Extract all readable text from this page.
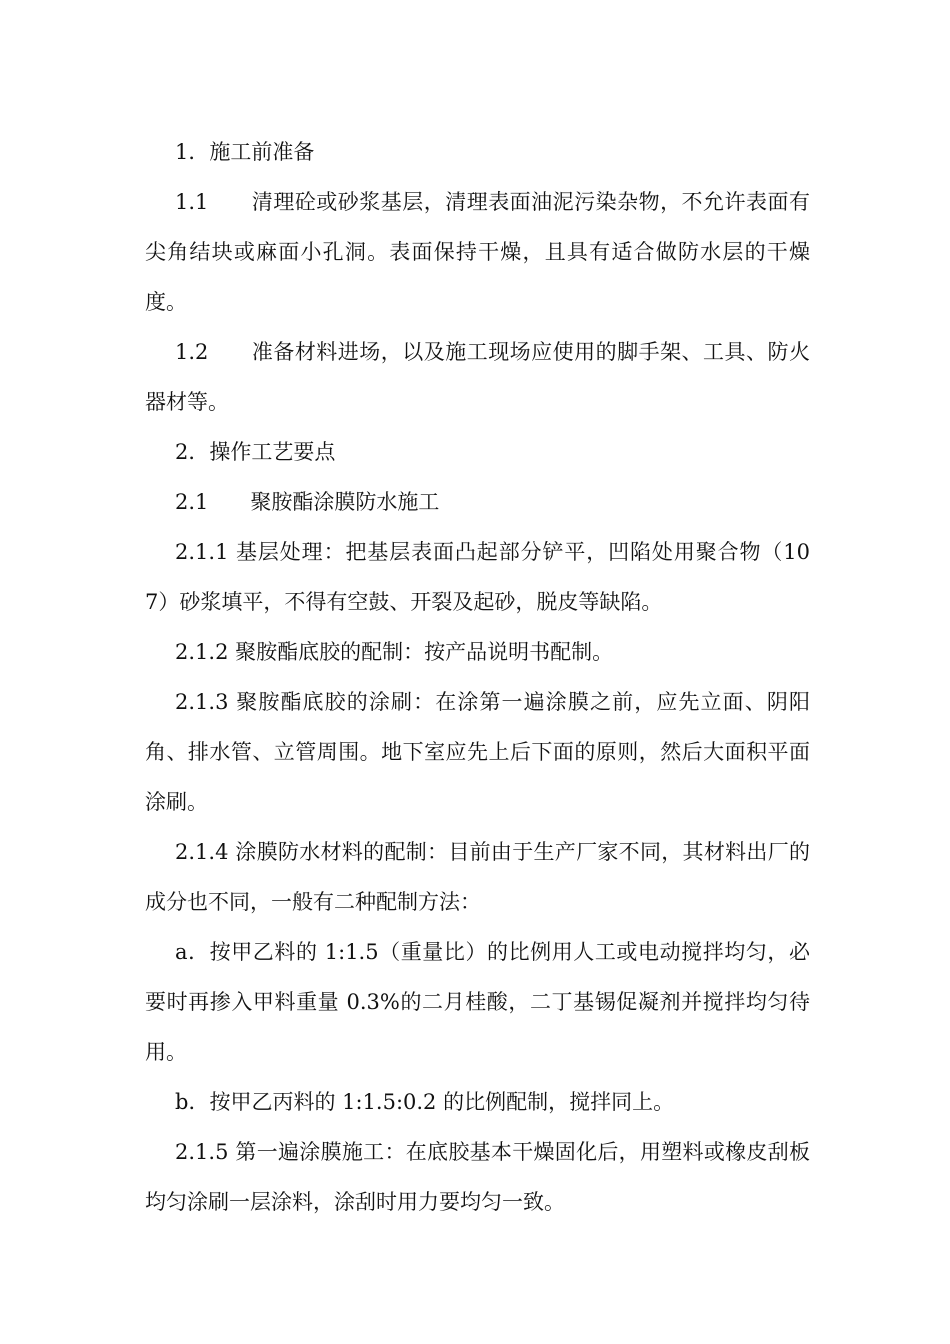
1．施工前准备

1.1　　清理砼或砂浆基层，清理表面油泥污染杂物，不允许表面有尖角结块或麻面小孔洞。表面保持干燥，且具有适合做防水层的干燥度。

1.2　　准备材料进场，以及施工现场应使用的脚手架、工具、防火器材等。

2．操作工艺要点

2.1　　聚胺酯涂膜防水施工

2.1.1 基层处理：把基层表面凸起部分铲平，凹陷处用聚合物（107）砂浆填平，不得有空鼓、开裂及起砂，脱皮等缺陷。

2.1.2 聚胺酯底胶的配制：按产品说明书配制。

2.1.3 聚胺酯底胶的涂刷：在涂第一遍涂膜之前，应先立面、阴阳角、排水管、立管周围。地下室应先上后下面的原则，然后大面积平面涂刷。

2.1.4 涂膜防水材料的配制：目前由于生产厂家不同，其材料出厂的成分也不同，一般有二种配制方法：

a．按甲乙料的 1:1.5（重量比）的比例用人工或电动搅拌均匀，必要时再掺入甲料重量 0.3%的二月桂酸，二丁基锡促凝剂并搅拌均匀待用。

b．按甲乙丙料的 1:1.5:0.2 的比例配制，搅拌同上。

2.1.5 第一遍涂膜施工：在底胶基本干燥固化后，用塑料或橡皮刮板均匀涂刷一层涂料，涂刮时用力要均匀一致。
